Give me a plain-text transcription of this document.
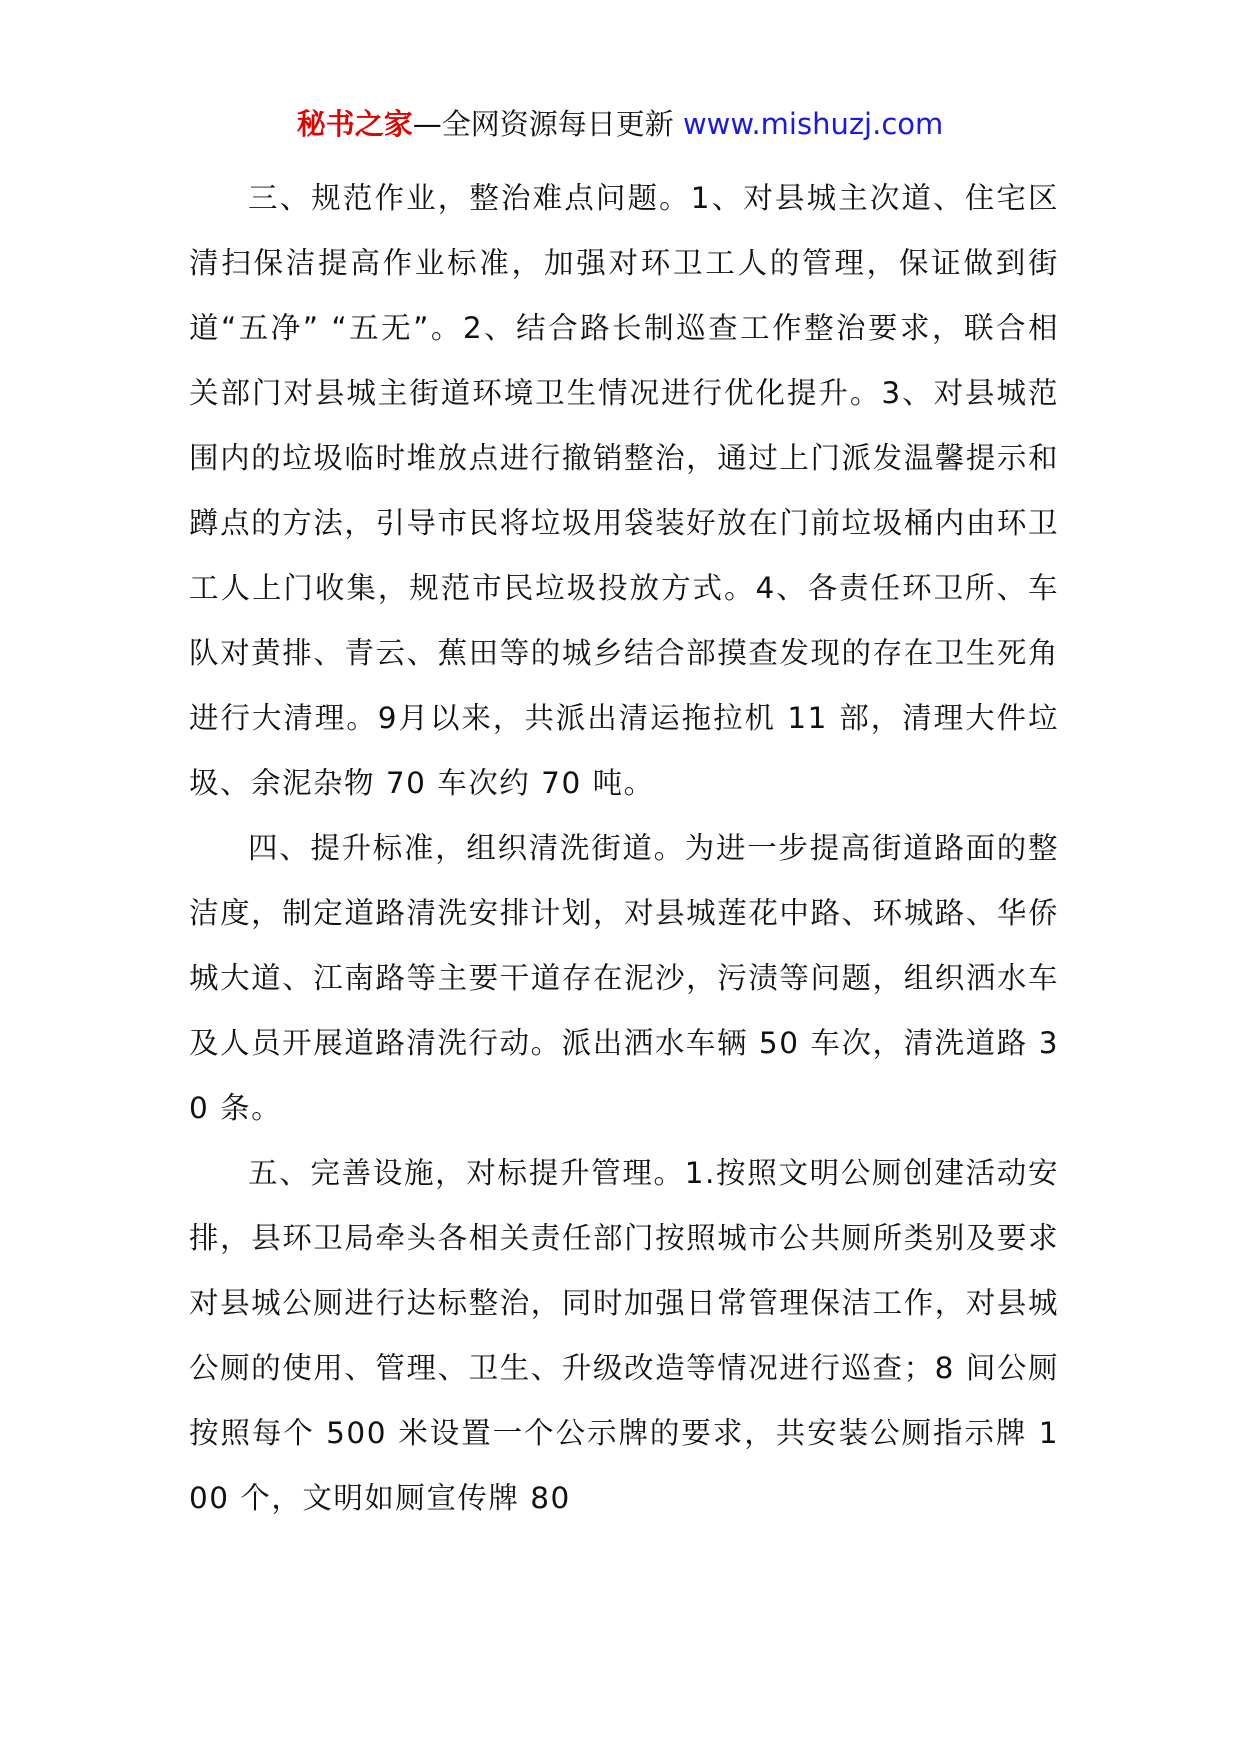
秘书之家—全网资源每日更新 www.mishuzj.com

三、规范作业，整治难点问题。1、对县城主次道、住宅区清扫保洁提高作业标准，加强对环卫工人的管理，保证做到街道“五净” “五无”。2、结合路长制巡查工作整治要求，联合相关部门对县城主街道环境卫生情况进行优化提升。3、对县城范围内的垃圾临时堆放点进行撤销整治，通过上门派发温馨提示和蹲点的方法，引导市民将垃圾用袋装好放在门前垃圾桶内由环卫工人上门收集，规范市民垃圾投放方式。4、各责任环卫所、车队对黄排、青云、蕉田等的城乡结合部摸查发现的存在卫生死角进行大清理。9月以来，共派出清运拖拉机 11 部，清理大件垃圾、余泥杂物 70 车次约 70 吨。

四、提升标准，组织清洗街道。为进一步提高街道路面的整洁度，制定道路清洗安排计划，对县城莲花中路、环城路、华侨城大道、江南路等主要干道存在泥沙，污渍等问题，组织洒水车及人员开展道路清洗行动。派出洒水车辆 50 车次，清洗道路 30 条。

五、完善设施，对标提升管理。1.按照文明公厕创建活动安排，县环卫局牵头各相关责任部门按照城市公共厕所类别及要求对县城公厕进行达标整治，同时加强日常管理保洁工作，对县城公厕的使用、管理、卫生、升级改造等情况进行巡查；8 间公厕按照每个 500 米设置一个公示牌的要求，共安装公厕指示牌 100 个，文明如厕宣传牌 80
